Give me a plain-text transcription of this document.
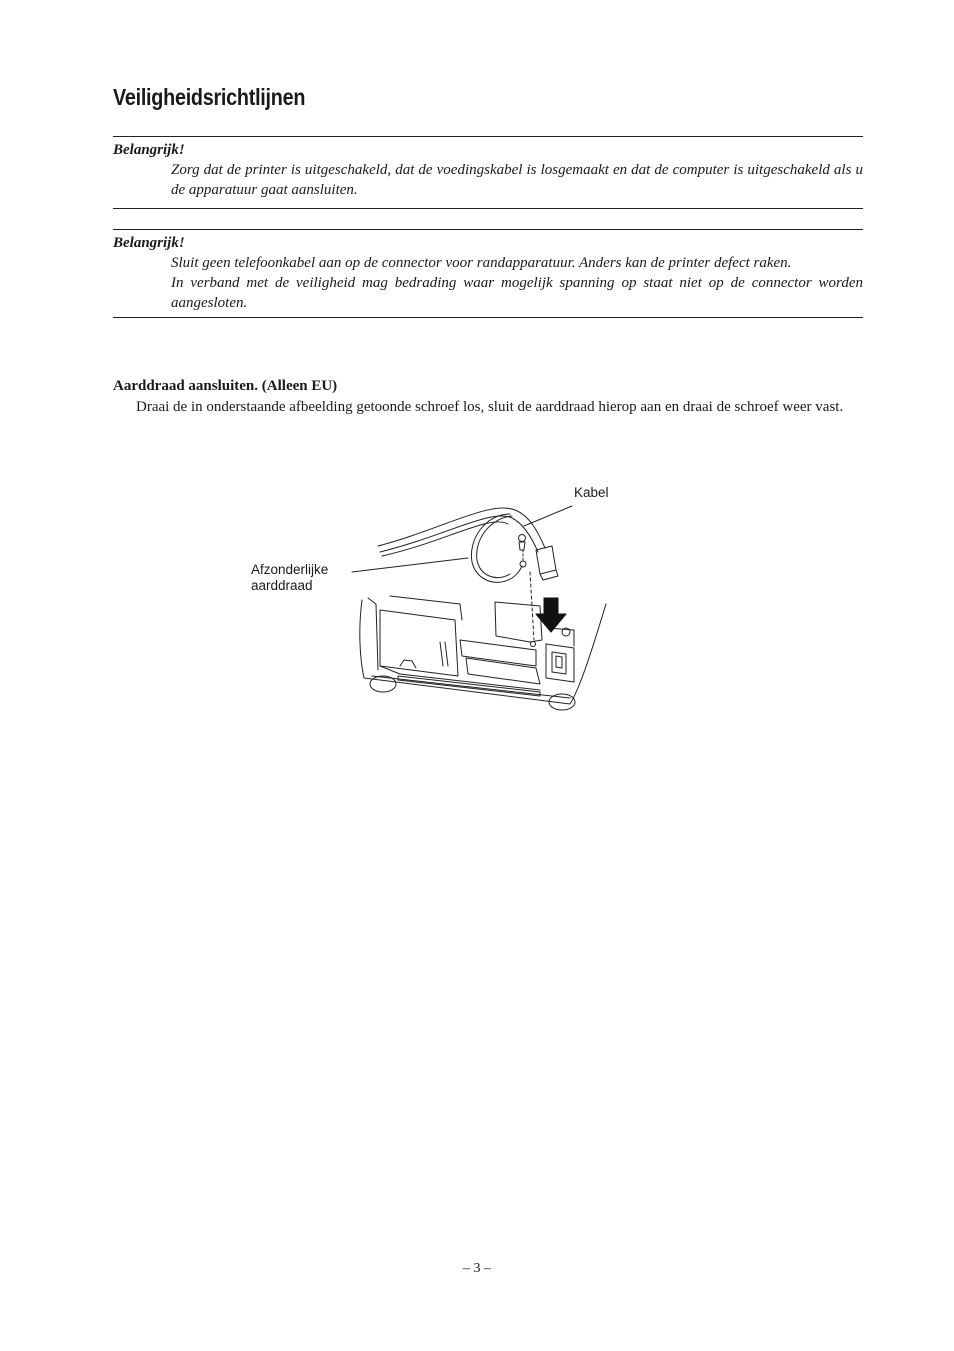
Veiligheidsrichtlijnen
Belangrijk!

Zorg dat de printer is uitgeschakeld, dat de voedingskabel is losgemaakt en dat de computer is uitgeschakeld als u de apparatuur gaat aansluiten.

Belangrijk!

Sluit geen telefoonkabel aan op de connector voor randapparatuur. Anders kan de printer defect raken.

In verband met de veiligheid mag bedrading waar mogelijk spanning op staat niet op de connector worden aangesloten.

Aarddraad aansluiten. (Alleen EU)

Draai de in onderstaande afbeelding getoonde schroef los, sluit de aarddraad hierop aan en draai de schroef weer vast.

Kabel
Afzonderlijke
aarddraad
– 3 –
